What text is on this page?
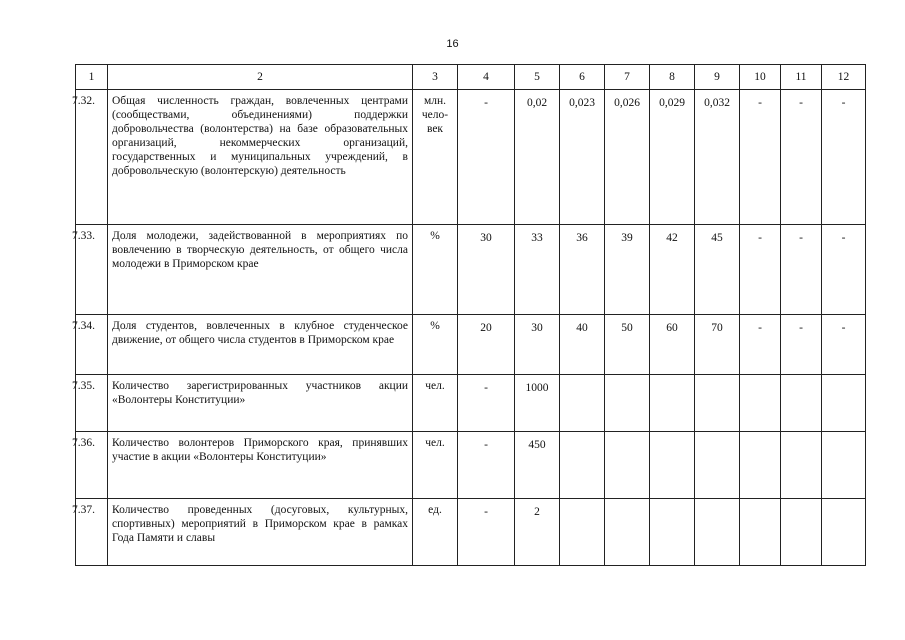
16
1	2	3	4	5	6	7	8	9	10	11	12

7.32.	Общая численность граждан, вовлеченных центрами (сообществами, объединениями) поддержки добровольчества (волонтерства) на базе образовательных организаций, некоммерческих организаций, государственных и муниципальных учреждений, в добровольческую (волонтерскую) деятельность	млн. чело-век	-	0,02	0,023	0,026	0,029	0,032	-	-	-

7.33.	Доля молодежи, задействованной в мероприятиях по вовлечению в творческую деятельность, от общего числа молодежи в Приморском крае	%	30	33	36	39	42	45	-	-	-

7.34.	Доля студентов, вовлеченных в клубное студенческое движение, от общего числа студентов в Приморском крае	%	20	30	40	50	60	70	-	-	-

7.35.	Количество зарегистрированных участников акции «Волонтеры Конституции»	чел.	-	1000							

7.36.	Количество волонтеров Приморского края, принявших участие в акции «Волонтеры Конституции»	чел.	-	450							

7.37.	Количество проведенных (досуговых, культурных, спортивных) мероприятий в Приморском крае в рамках Года Памяти и славы	ед.	-	2							
